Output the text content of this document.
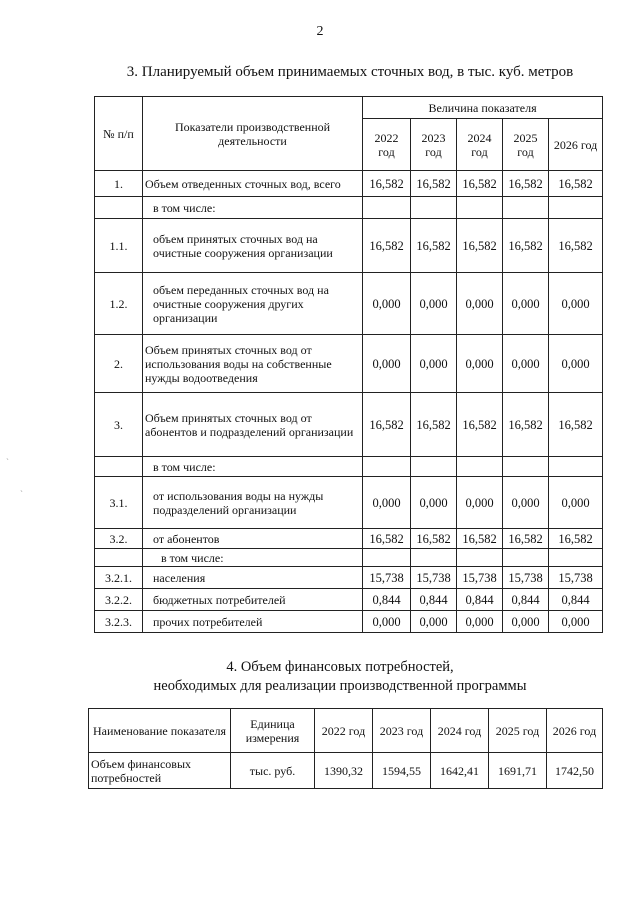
2
3. Планируемый объем принимаемых сточных вод, в тыс. куб. метров
№ п/п	Показатели производственной деятельности	Величина показателя				
		2022 год	2023 год	2024 год	2025 год	2026 год
1.	Объем отведенных сточных вод, всего	16,582	16,582	16,582	16,582	16,582
	в том числе:					
1.1.	объем принятых сточных вод на очистные сооружения организации	16,582	16,582	16,582	16,582	16,582
1.2.	объем переданных сточных вод на очистные сооружения других организации	0,000	0,000	0,000	0,000	0,000
2.	Объем принятых сточных вод от использования воды на собственные нужды водоотведения	0,000	0,000	0,000	0,000	0,000
3.	Объем принятых сточных вод от абонентов и подразделений организации	16,582	16,582	16,582	16,582	16,582
	в том числе:					
3.1.	от использования воды на нужды подразделений организации	0,000	0,000	0,000	0,000	0,000
3.2.	от абонентов	16,582	16,582	16,582	16,582	16,582
	в том числе:					
3.2.1.	населения	15,738	15,738	15,738	15,738	15,738
3.2.2.	бюджетных потребителей	0,844	0,844	0,844	0,844	0,844
3.2.3.	прочих потребителей	0,000	0,000	0,000	0,000	0,000
4. Объем финансовых потребностей,
необходимых для реализации производственной программы
Наименование показателя	Единица измерения	2022 год	2023 год	2024 год	2025 год	2026 год
Объем финансовых потребностей	тыс. руб.	1390,32	1594,55	1642,41	1691,71	1742,50
ˎ
ˎ
